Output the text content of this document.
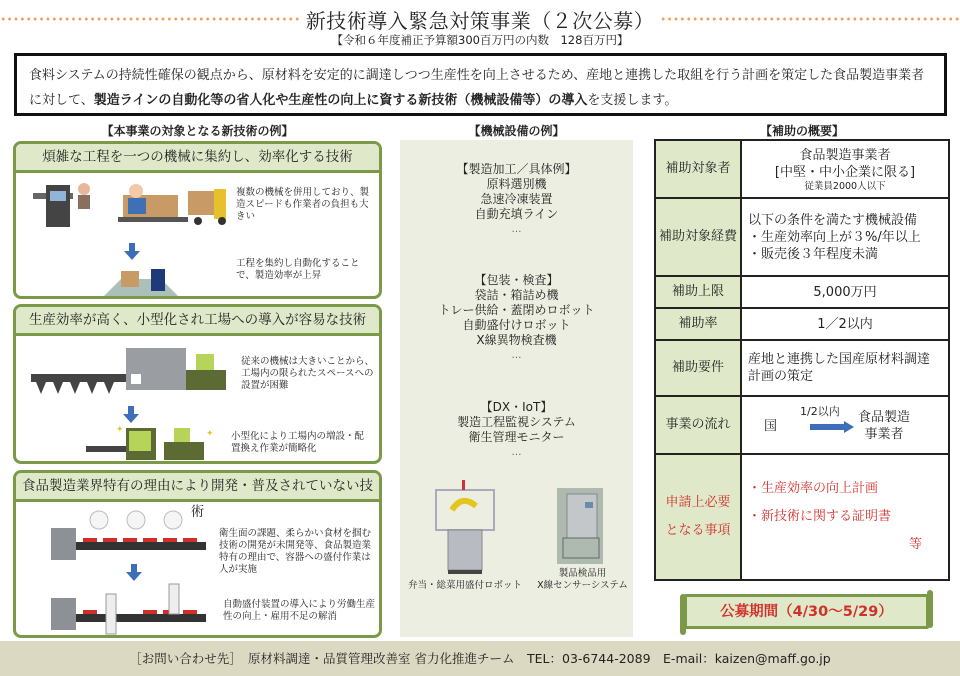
新技術導入緊急対策事業（２次公募）
【令和６年度補正予算額300百万円の内数　128百万円】
食料システムの持続性確保の観点から、原材料を安定的に調達しつつ生産性を向上させるため、産地と連携した取組を行う計画を策定した食品製造事業者に対して、製造ラインの自動化等の省人化や生産性の向上に資する新技術（機械設備等）の導入を支援します。
【本事業の対象となる新技術の例】
煩雑な工程を一つの機械に集約し、効率化する技術
複数の機械を併用しており、製造スピードも作業者の負担も大きい
工程を集約し自動化することで、製造効率が上昇
生産効率が高く、小型化され工場への導入が容易な技術
✦	✦
従来の機械は大きいことから、工場内の限られたスペースへの設置が困難
小型化により工場内の増設・配置換え作業が簡略化
食品製造業界特有の理由により開発・普及されていない技術
衛生面の課題、柔らかい食材を掴む技術の開発が未開発等、食品製造業特有の理由で、容器への盛付作業は人が実施
自動盛付装置の導入により労働生産性の向上・雇用不足の解消
【機械設備の例】
【製造加工／具体例】
原料選別機
急速冷凍装置
自動充填ライン
…
【包装・検査】
袋詰・箱詰め機
トレー供給・蓋閉めロボット
自動盛付けロボット
X線異物検査機
…
【DX・IoT】
製造工程監視システム
衛生管理モニター
…
弁当・総菜用盛付ロボット
製品検品用
X線センサーシステム
【補助の概要】
補助対象者	食品製造事業者
[中堅・中小企業に限る]
従業員2000人以下

補助対象経費	以下の条件を満たす機械設備
・生産効率向上が３%/年以上
・販売後３年程度未満

補助上限	5,000万円
補助率	1／2以内
補助要件	産地と連携した国産原材料調達計画の策定
事業の流れ	国
1/2以内 食品製造
事業者

申請上必要となる事項	・生産効率の向上計画
・新技術に関する証明書
等
公募期間（4/30～5/29）
［お問い合わせ先］　原材料調達・品質管理改善室 省力化推進チーム　TEL：03-6744-2089　E-mail：kaizen@maff.go.jp
